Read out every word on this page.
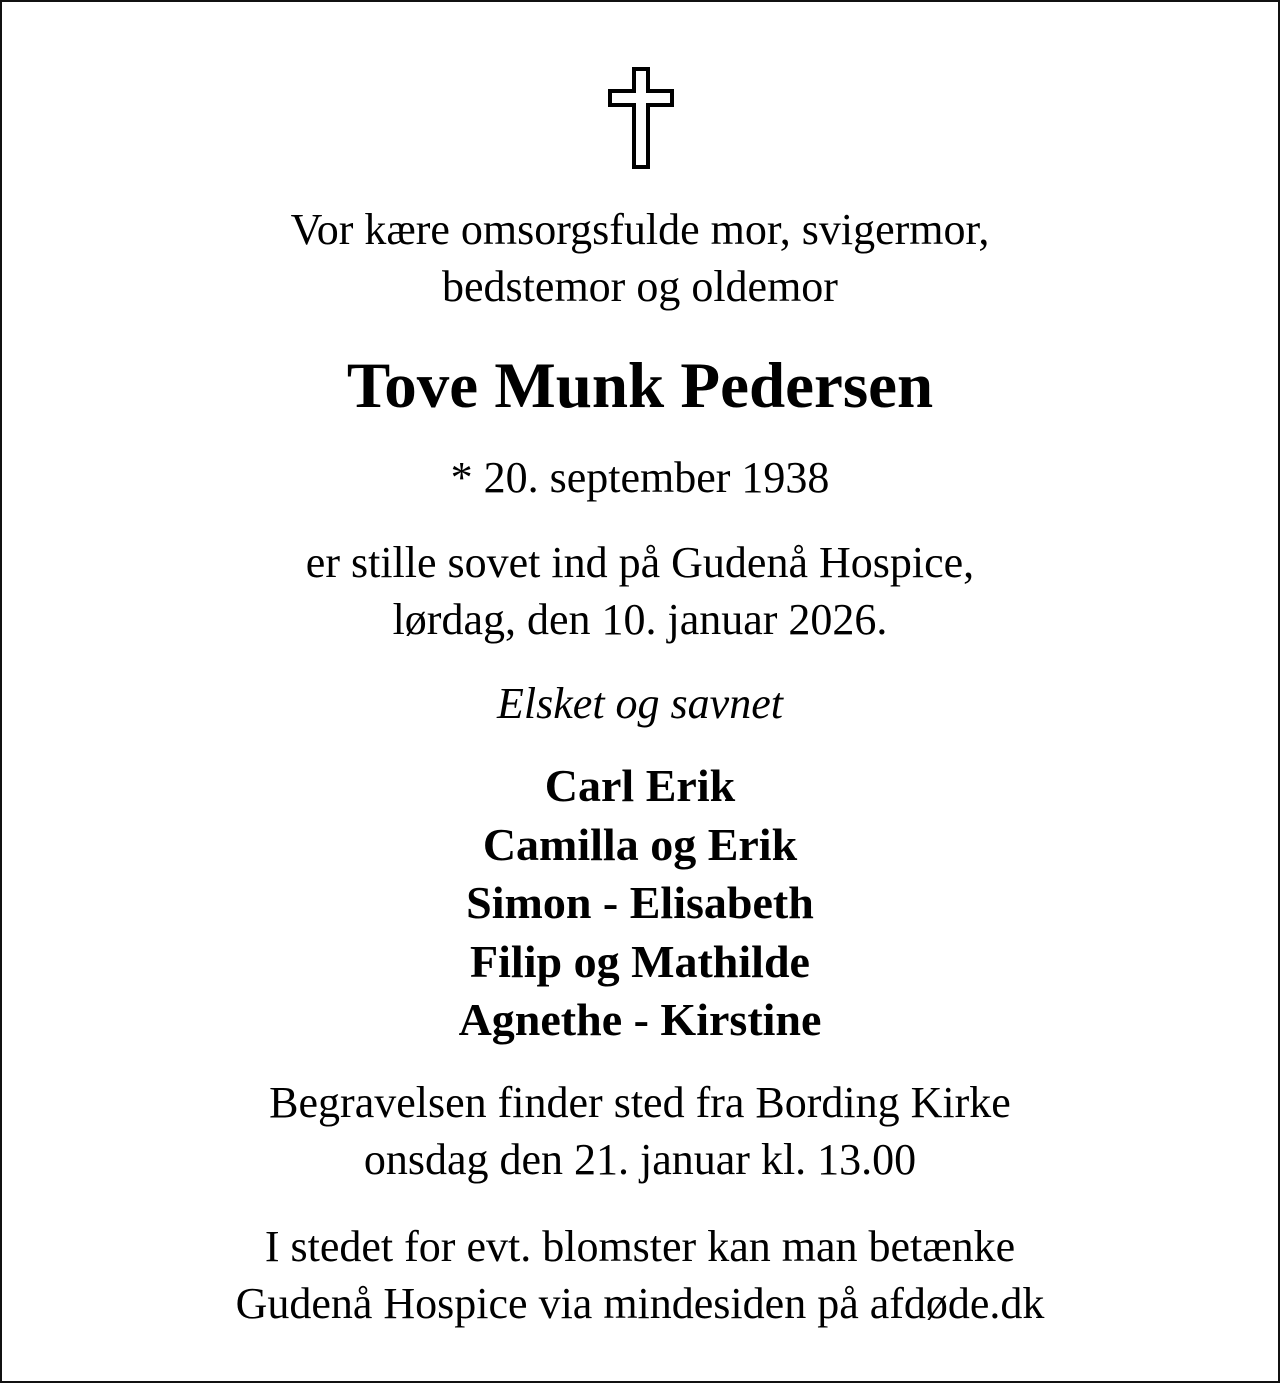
Vor kære omsorgsfulde mor, svigermor,
bedstemor og oldemor

Tove Munk Pedersen

* 20. september 1938

er stille sovet ind på Gudenå Hospice,
lørdag, den 10. januar 2026.

Elsket og savnet

Carl Erik
Camilla og Erik
Simon - Elisabeth
Filip og Mathilde
Agnethe - Kirstine

Begravelsen finder sted fra Bording Kirke
onsdag den 21. januar kl. 13.00

I stedet for evt. blomster kan man betænke
Gudenå Hospice via mindesiden på afdøde.dk
